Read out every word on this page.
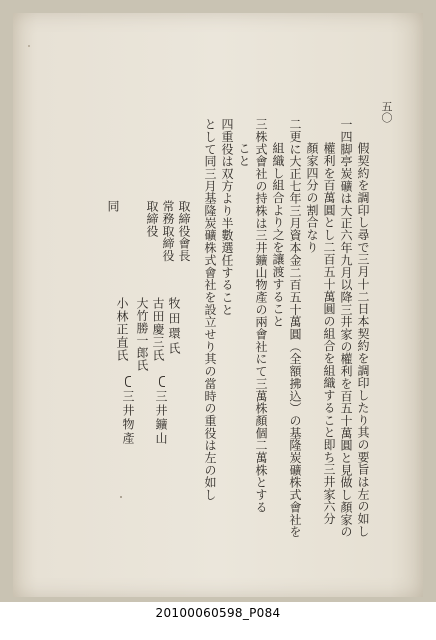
五〇
假契約を調印し尋で三月十二日本契約を調印したり其の要旨は左の如し
一四脚亭炭礦は大正六年九月以降三井家の權利を百五十萬圓と見做し顏家の
權利を百萬圓とし二百五十萬圓の組合を組織すること即ち三井家六分
顏家四分の割合なり
二更に大正七年三月資本金二百五十萬圓（全額拂込）の基隆炭礦株式會社を
組織し組合より之を讓渡すること
三株式會社の持株は三井鑛山物產の兩會社にて三萬株顏個二萬株とする
こと
四重役は双方より半數選任すること
として同三月基隆炭礦株式會社を設立せり其の當時の重役は左の如し
取締役會長
常務取締役
取締役
同
牧田環氏
古田慶三氏
大竹勝一郎氏
小林正直氏
三井鑛山
三井物產
20100060598_P084
